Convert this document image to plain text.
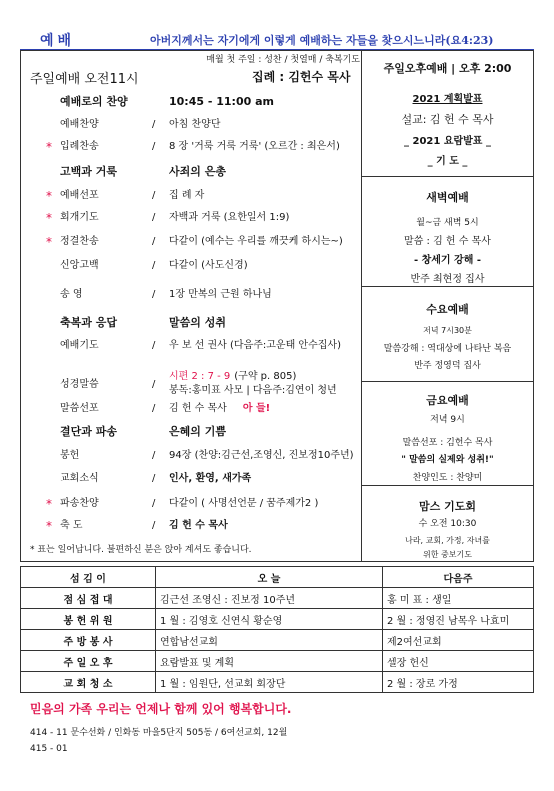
예배	아버지께서는 자기에게 이렇게 예배하는 자들을 찾으시느니라(요4:23)
매월 첫 주일 : 성찬 / 첫열매 / 축복기도
주일예배 오전11시	집례 : 김헌수 목사
예배로의 찬양	10:45 - 11:00 am
예배찬양	/ 아침 찬양단
* 입례찬송	/ 8 장 '거룩 거룩 거룩' (오르간 : 최은서)
고백과 거룩	사죄의 은총
* 예배선포	/ 집 례 자
* 회개기도	/ 자백과 거룩 (요한일서 1:9)
* 정결찬송	/ 다같이 (예수는 우리를 깨끗케 하시는~)
신앙고백	/ 다같이 (사도신경)
송 영	/ 1장 만복의 근원 하나님
축복과 응답	말씀의 성취
예배기도	/ 우 보 선 권사 (다음주:고운태 안수집사)
성경말씀	/
시편 2 : 7 - 9 (구약 p. 805)
봉독:홍미표 사모 | 다음주:김연이 청년
말씀선포	/ 김 헌 수 목사 아 들!
결단과 파송	은혜의 기쁨
봉헌	/ 94장 (찬양:김근선,조영신, 진보정10주년)
교회소식	/ 인사, 환영, 새가족
* 파송찬양	/ 다같이 ( 사명선언문 / 꿈주제가2 )
* 축 도	/ 김 헌 수 목사
* 표는 일어납니다. 불편하신 분은 앉아 계셔도 좋습니다.
주일오후예배 | 오후 2:00
2021 계획발표
설교: 김 헌 수 목사
_ 2021 요람발표 _
_ 기 도 _
새벽예배
월~금 새벽 5시
말씀 : 김 헌 수 목사
- 창세기 강해 -
반주 최현정 집사
수요예배
저녁 7시30분
말씀강해 : 역대상에 나타난 복음
반주 정영덕 집사
금요예배
저녁 9시
말씀선포 : 김헌수 목사
" 말씀의 실제와 성취!"
찬양인도 : 찬양미
맘스 기도회
수 오전 10:30
나라, 교회, 가정, 자녀를
위한 중보기도
섬 김 이	오 늘	다음주
점 심 접 대	김근선 조영신 : 진보정 10주년	홍 미 표 : 생일
봉 헌 위 원	1 월 : 김영호 신연식 황순영	2 월 : 정영진 남목우 나효미
주 방 봉 사	연합남선교회	제2여선교회
주 일 오 후	요람발표 및 계획	셀장 헌신
교 회 청 소	1 월 : 임원단, 선교회 회장단	2 월 : 장로 가정
믿음의 가족 우리는 언제나 함께 있어 행복합니다.
414 - 11 문수선화 / 인화동 마을5단지 505동 / 6여선교회, 12월
415 - 01
